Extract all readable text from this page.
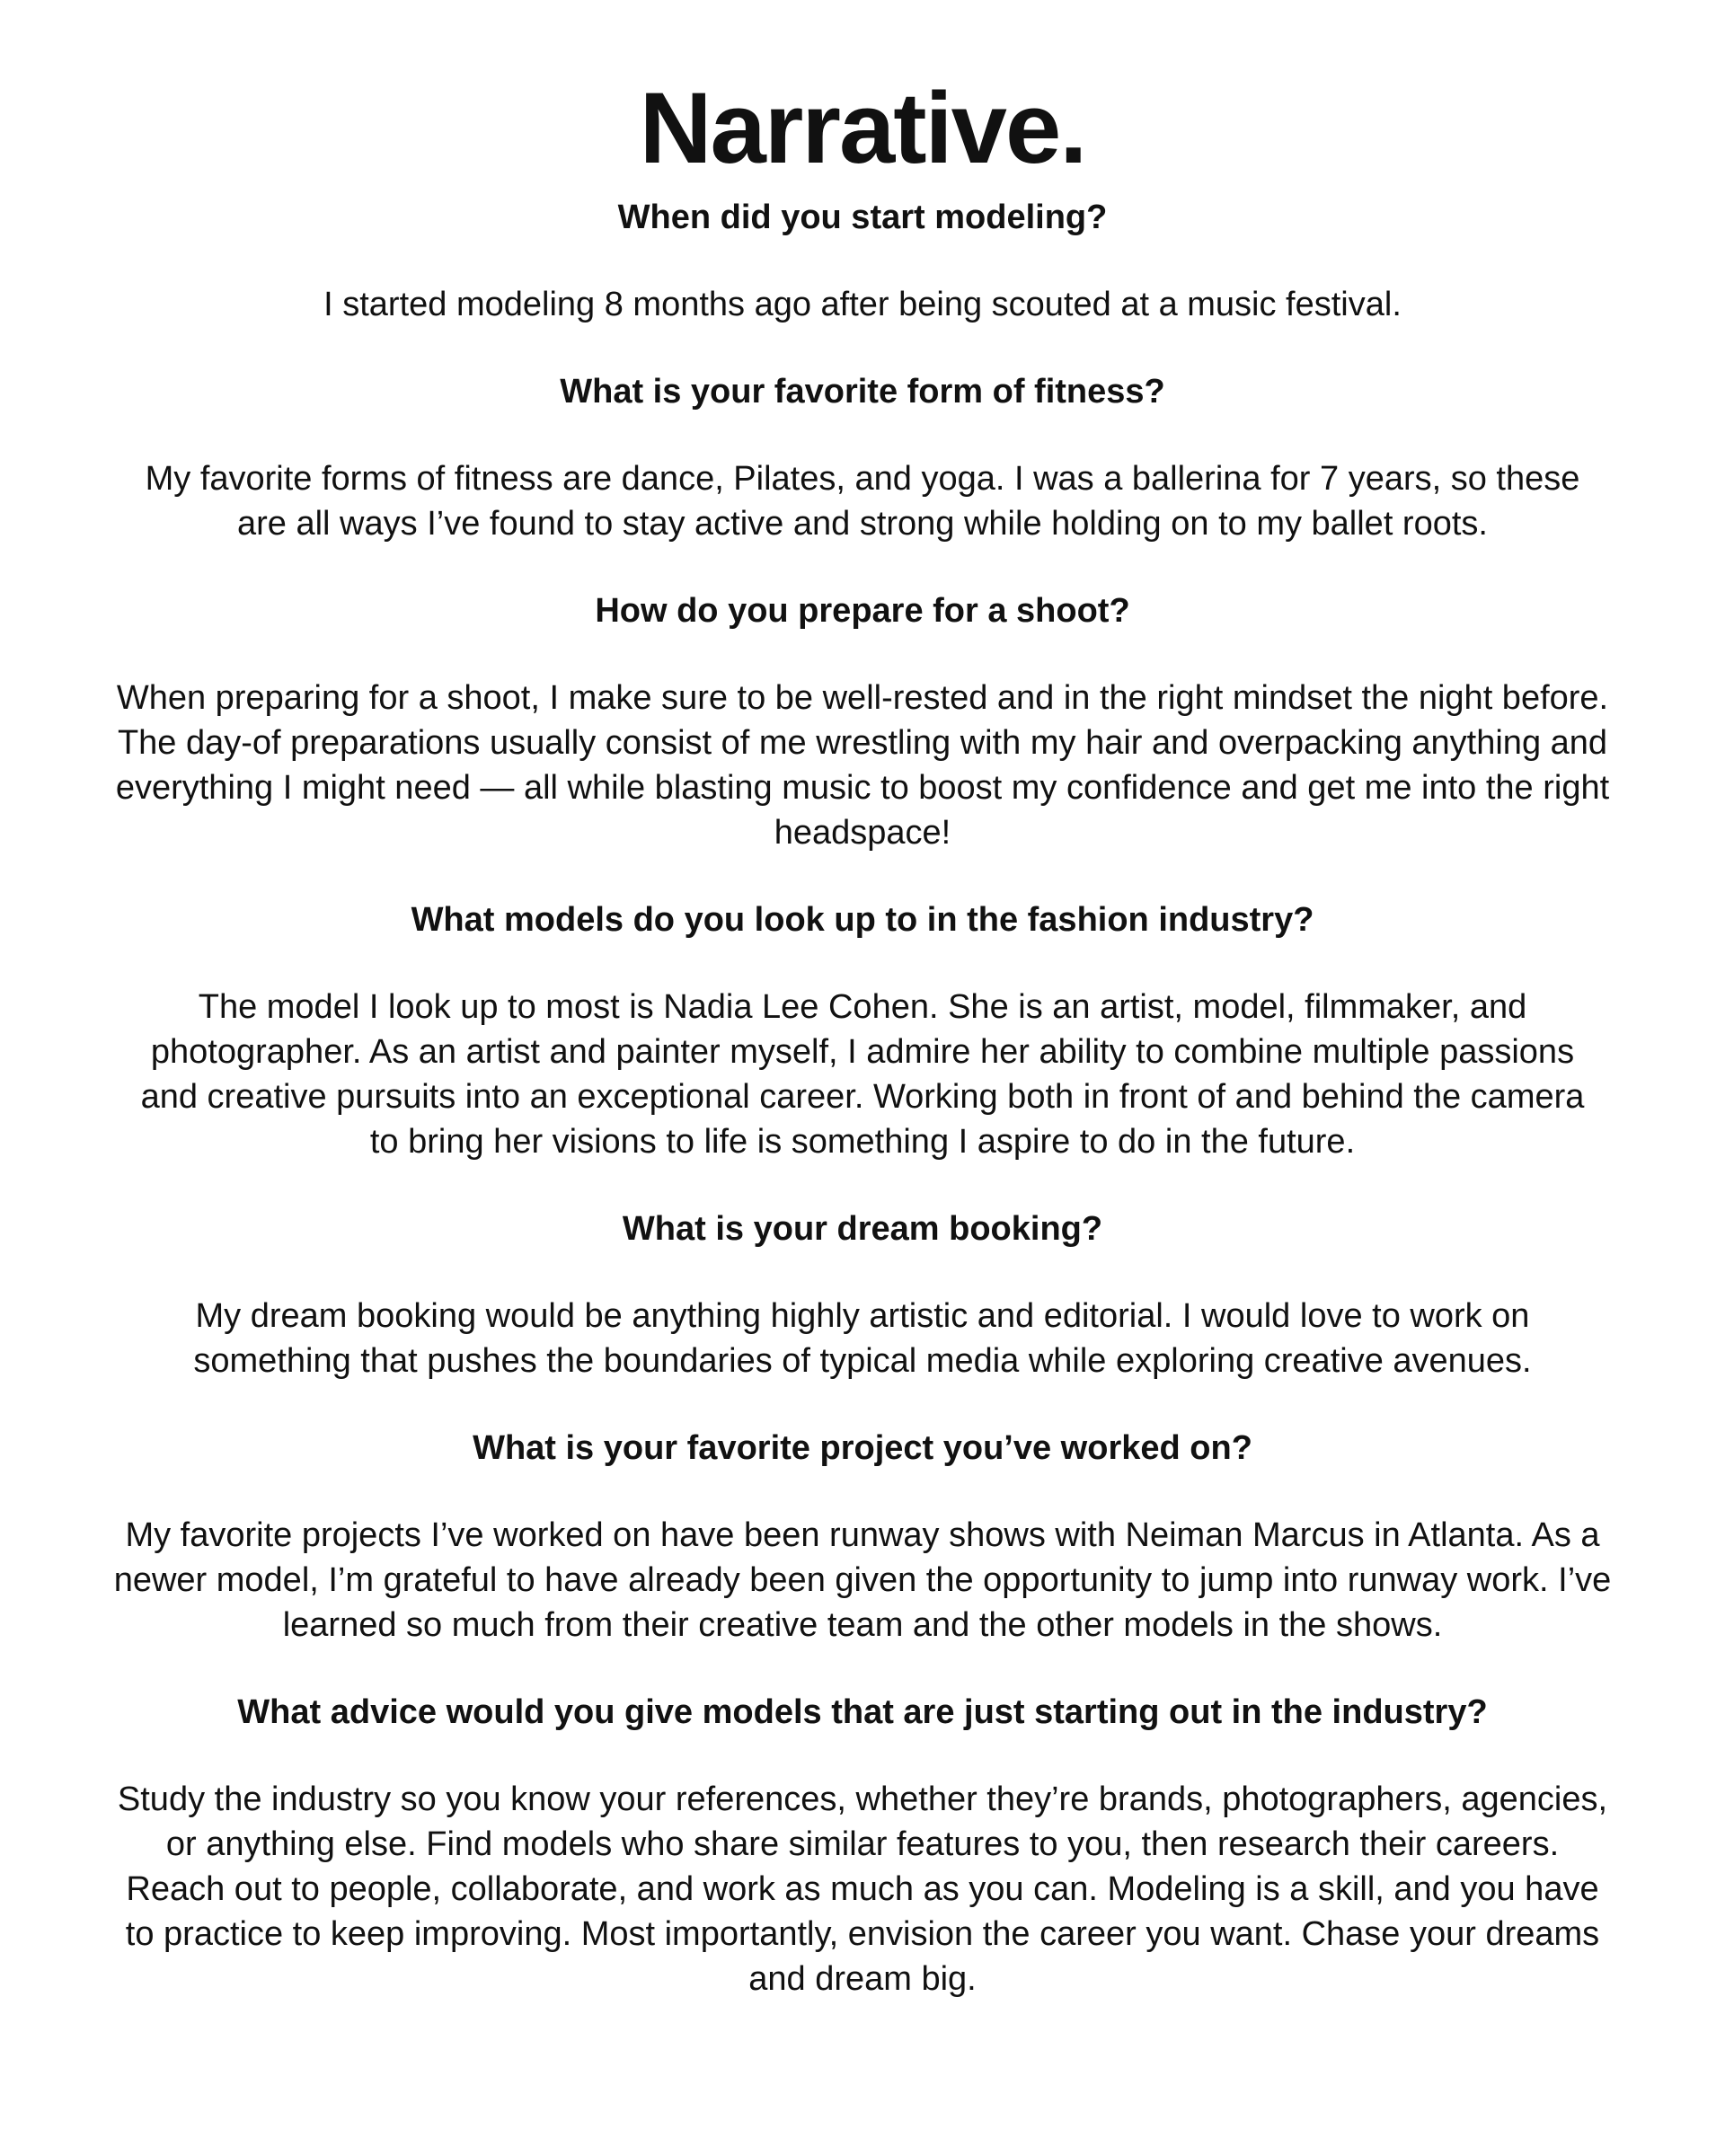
Narrative.

When did you start modeling?

I started modeling 8 months ago after being scouted at a music festival.

What is your favorite form of fitness?

My favorite forms of fitness are dance, Pilates, and yoga. I was a ballerina for 7 years, so these are all ways I’ve found to stay active and strong while holding on to my ballet roots.

How do you prepare for a shoot?

When preparing for a shoot, I make sure to be well-rested and in the right mindset the night before. The day-of preparations usually consist of me wrestling with my hair and overpacking anything and everything I might need — all while blasting music to boost my confidence and get me into the right headspace!

What models do you look up to in the fashion industry?

The model I look up to most is Nadia Lee Cohen. She is an artist, model, filmmaker, and photographer. As an artist and painter myself, I admire her ability to combine multiple passions and creative pursuits into an exceptional career. Working both in front of and behind the camera to bring her visions to life is something I aspire to do in the future.

What is your dream booking?

My dream booking would be anything highly artistic and editorial. I would love to work on something that pushes the boundaries of typical media while exploring creative avenues.

What is your favorite project you’ve worked on?

My favorite projects I’ve worked on have been runway shows with Neiman Marcus in Atlanta. As a newer model, I’m grateful to have already been given the opportunity to jump into runway work. I’ve learned so much from their creative team and the other models in the shows.

What advice would you give models that are just starting out in the industry?

Study the industry so you know your references, whether they’re brands, photographers, agencies, or anything else. Find models who share similar features to you, then research their careers. Reach out to people, collaborate, and work as much as you can. Modeling is a skill, and you have to practice to keep improving. Most importantly, envision the career you want. Chase your dreams and dream big.
